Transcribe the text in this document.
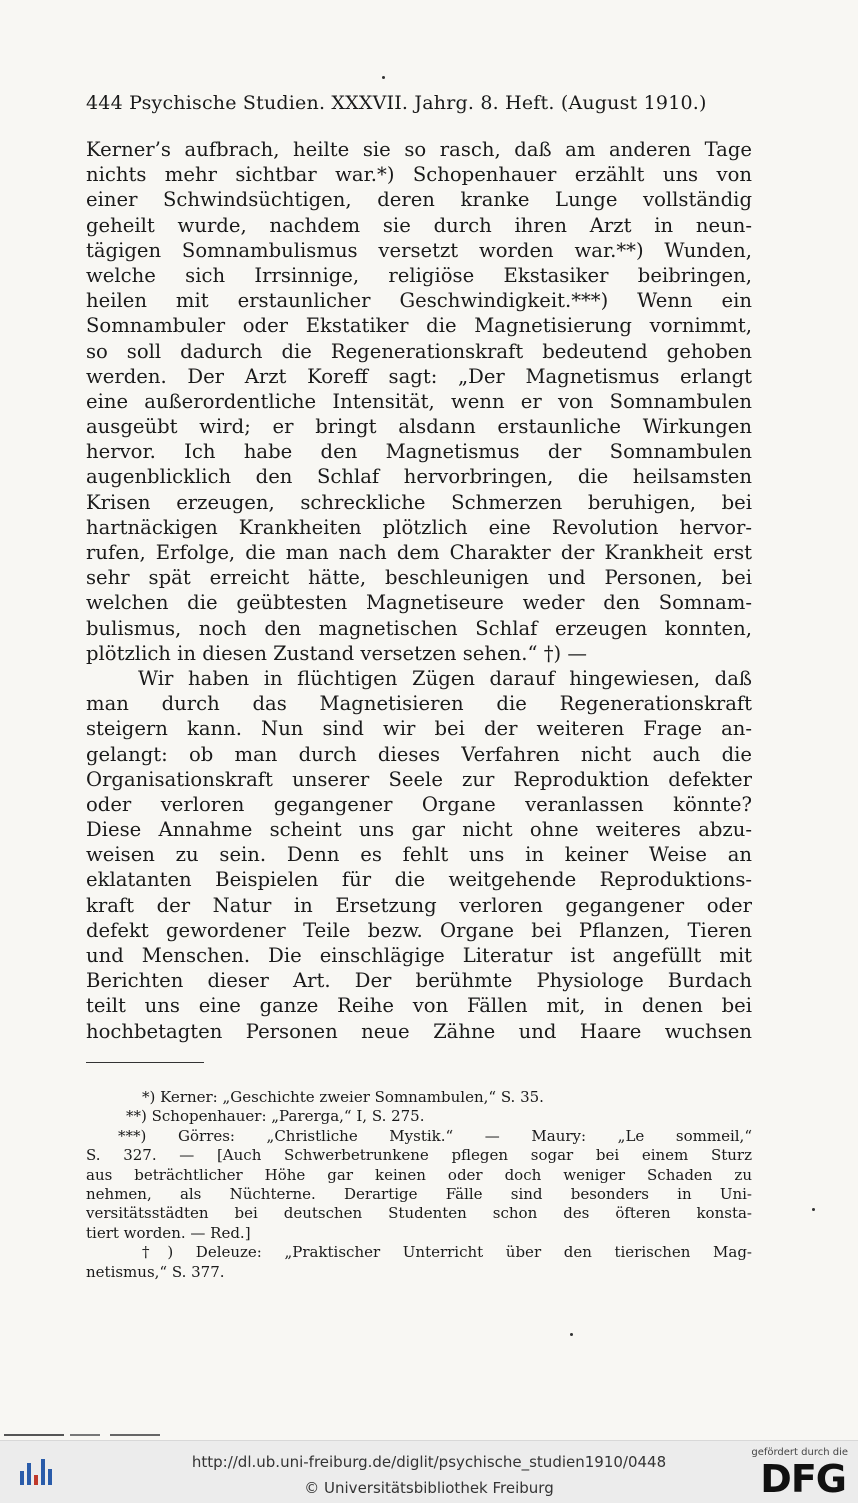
444 Psychische Studien. XXXVII. Jahrg. 8. Heft. (August 1910.)
Kerner’s aufbrach, heilte sie so rasch, daß am anderen Tage
nichts mehr sichtbar war.*) Schopenhauer erzählt uns von
einer Schwindsüchtigen, deren kranke Lunge vollständig
geheilt wurde, nachdem sie durch ihren Arzt in neun-
tägigen Somnambulismus versetzt worden war.**) Wunden,
welche sich Irrsinnige, religiöse Ekstasiker beibringen,
heilen mit erstaunlicher Geschwindigkeit.***) Wenn ein
Somnambuler oder Ekstatiker die Magnetisierung vornimmt,
so soll dadurch die Regenerationskraft bedeutend gehoben
werden. Der Arzt Koreff sagt: „Der Magnetismus erlangt
eine außerordentliche Intensität, wenn er von Somnambulen
ausgeübt wird; er bringt alsdann erstaunliche Wirkungen
hervor. Ich habe den Magnetismus der Somnambulen
augenblicklich den Schlaf hervorbringen, die heilsamsten
Krisen erzeugen, schreckliche Schmerzen beruhigen, bei
hartnäckigen Krankheiten plötzlich eine Revolution hervor-
rufen, Erfolge, die man nach dem Charakter der Krankheit erst
sehr spät erreicht hätte, beschleunigen und Personen, bei
welchen die geübtesten Magnetiseure weder den Somnam-
bulismus, noch den magnetischen Schlaf erzeugen konnten,
plötzlich in diesen Zustand versetzen sehen.“ †) —
Wir haben in flüchtigen Zügen darauf hingewiesen, daß
man durch das Magnetisieren die Regenerationskraft
steigern kann. Nun sind wir bei der weiteren Frage an-
gelangt: ob man durch dieses Verfahren nicht auch die
Organisationskraft unserer Seele zur Reproduktion defekter
oder verloren gegangener Organe veranlassen könnte?
Diese Annahme scheint uns gar nicht ohne weiteres abzu-
weisen zu sein. Denn es fehlt uns in keiner Weise an
eklatanten Beispielen für die weitgehende Reproduktions-
kraft der Natur in Ersetzung verloren gegangener oder
defekt gewordener Teile bezw. Organe bei Pflanzen, Tieren
und Menschen. Die einschlägige Literatur ist angefüllt mit
Berichten dieser Art. Der berühmte Physiologe Burdach
teilt uns eine ganze Reihe von Fällen mit, in denen bei
hochbetagten Personen neue Zähne und Haare wuchsen
*) Kerner: „Geschichte zweier Somnambulen,“ S. 35.
**) Schopenhauer: „Parerga,“ I, S. 275.
***) Görres: „Christliche Mystik.“ — Maury: „Le sommeil,“
S. 327. — [Auch Schwerbetrunkene pflegen sogar bei einem Sturz
aus beträchtlicher Höhe gar keinen oder doch weniger Schaden zu
nehmen, als Nüchterne. Derartige Fälle sind besonders in Uni-
versitätsstädten bei deutschen Studenten schon des öfteren konsta-
tiert worden. — Red.]
†) Deleuze: „Praktischer Unterricht über den tierischen Mag-
netismus,“ S. 377.
http://dl.ub.uni-freiburg.de/diglit/psychische_studien1910/0448
© Universitätsbibliothek Freiburg
gefördert durch die
DFG
